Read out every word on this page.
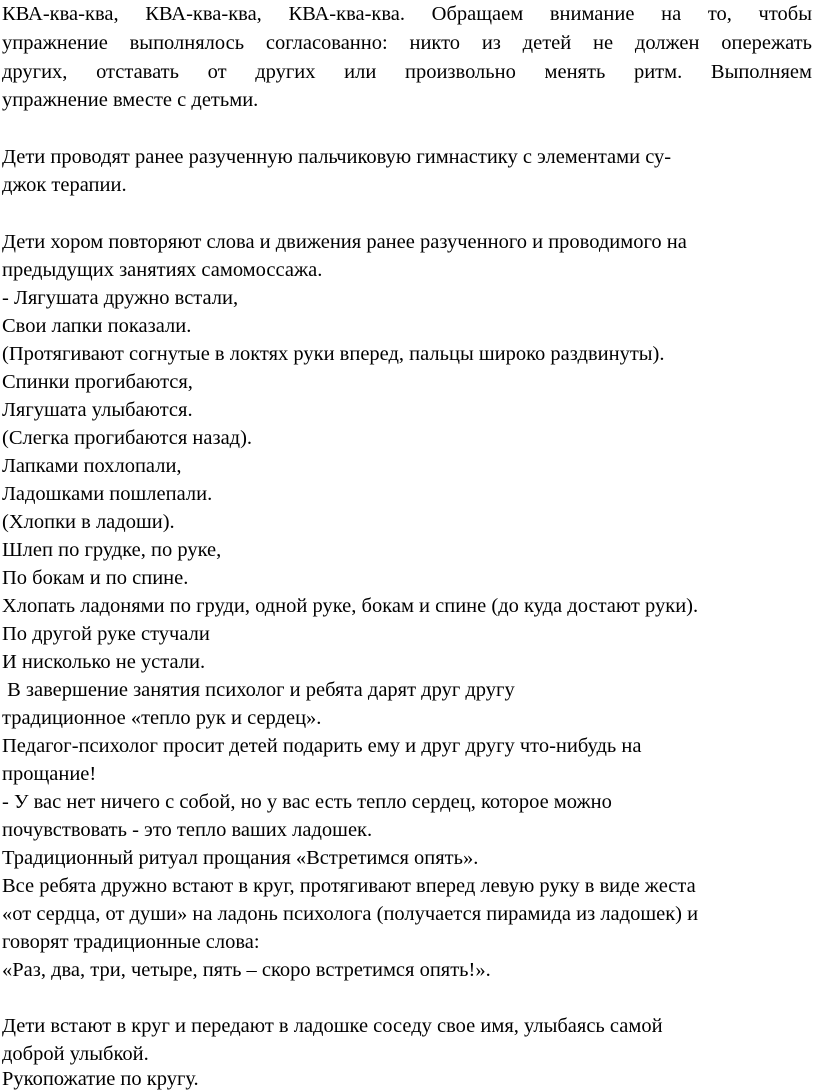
КВА-ква-ква, КВА-ква-ква, КВА-ква-ква. Обращаем внимание на то, чтобы
упражнение выполнялось согласованно: никто из детей не должен опережать
других, отставать от других или произвольно менять ритм. Выполняем
упражнение вместе с детьми.
Дети проводят ранее разученную пальчиковую гимнастику с элементами су-
джок терапии.
Дети хором повторяют слова и движения ранее разученного и проводимого на
предыдущих занятиях самомоссажа.
- Лягушата дружно встали,
Свои лапки показали.
(Протягивают согнутые в локтях руки вперед, пальцы широко раздвинуты).
Спинки прогибаются,
Лягушата улыбаются.
(Слегка прогибаются назад).
Лапками похлопали,
Ладошками пошлепали.
(Хлопки в ладоши).
Шлеп по грудке, по руке,
По бокам и по спине.
Хлопать ладонями по груди, одной руке, бокам и спине (до куда достают руки).
По другой руке стучали
И нисколько не устали.
В завершение занятия психолог и ребята дарят друг другу
традиционное «тепло рук и сердец».
Педагог-психолог просит детей подарить ему и друг другу что-нибудь на
прощание!
- У вас нет ничего с собой, но у вас есть тепло сердец, которое можно
почувствовать - это тепло ваших ладошек.
Традиционный ритуал прощания «Встретимся опять».
Все ребята дружно встают в круг, протягивают вперед левую руку в виде жеста
«от сердца, от души» на ладонь психолога (получается пирамида из ладошек) и
говорят традиционные слова:
«Раз, два, три, четыре, пять – скоро встретимся опять!».
Дети встают в круг и передают в ладошке соседу свое имя, улыбаясь самой
доброй улыбкой.
Рукопожатие по кругу.
